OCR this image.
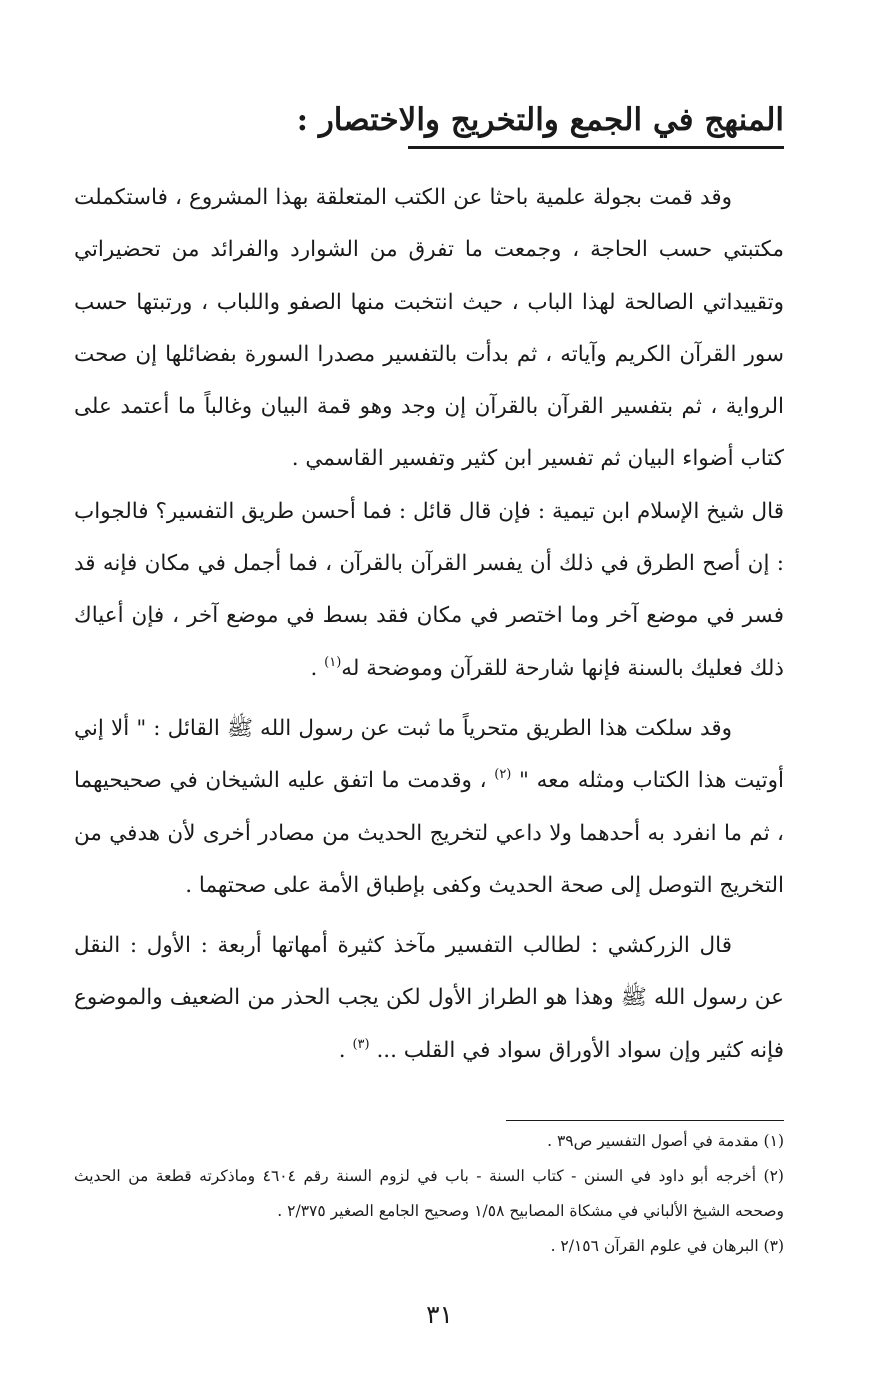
المنهج في الجمع والتخريج والاختصار :

وقد قمت بجولة علمية باحثا عن الكتب المتعلقة بهذا المشروع ، فاستكملت مكتبتي حسب الحاجة ، وجمعت ما تفرق من الشوارد والفرائد من تحضيراتي وتقييداتي الصالحة لهذا الباب ، حيث انتخبت منها الصفو واللباب ، ورتبتها حسب سور القرآن الكريم وآياته ، ثم بدأت بالتفسير مصدرا السورة بفضائلها إن صحت الرواية ، ثم بتفسير القرآن بالقرآن إن وجد وهو قمة البيان وغالباً ما أعتمد على كتاب أضواء البيان ثم تفسير ابن كثير وتفسير القاسمي .

قال شيخ الإسلام ابن تيمية : فإن قال قائل : فما أحسن طريق التفسير؟ فالجواب : إن أصح الطرق في ذلك أن يفسر القرآن بالقرآن ، فما أجمل في مكان فإنه قد فسر في موضع آخر وما اختصر في مكان فقد بسط في موضع آخر ، فإن أعياك ذلك فعليك بالسنة فإنها شارحة للقرآن وموضحة له$^{(١)}$ .

وقد سلكت هذا الطريق متحرياً ما ثبت عن رسول الله ﷺ القائل : " ألا إني أوتيت هذا الكتاب ومثله معه " $^{(٢)}$ ، وقدمت ما اتفق عليه الشيخان في صحيحيهما ، ثم ما انفرد به أحدهما ولا داعي لتخريج الحديث من مصادر أخرى لأن هدفي من التخريج التوصل إلى صحة الحديث وكفى بإطباق الأمة على صحتهما .

قال الزركشي : لطالب التفسير مآخذ كثيرة أمهاتها أربعة : الأول : النقل عن رسول الله ﷺ وهذا هو الطراز الأول لكن يجب الحذر من الضعيف والموضوع فإنه كثير وإن سواد الأوراق سواد في القلب ... $^{(٣)}$ .

(١) مقدمة في أصول التفسير ص٣٩ .

(٢) أخرجه أبو داود في السنن - كتاب السنة - باب في لزوم السنة رقم ٤٦٠٤ وماذكرته قطعة من الحديث وصححه الشيخ الألباني في مشكاة المصابيح ١/٥٨ وصحيح الجامع الصغير ٢/٣٧٥ .

(٣) البرهان في علوم القرآن ٢/١٥٦ .

٣١
